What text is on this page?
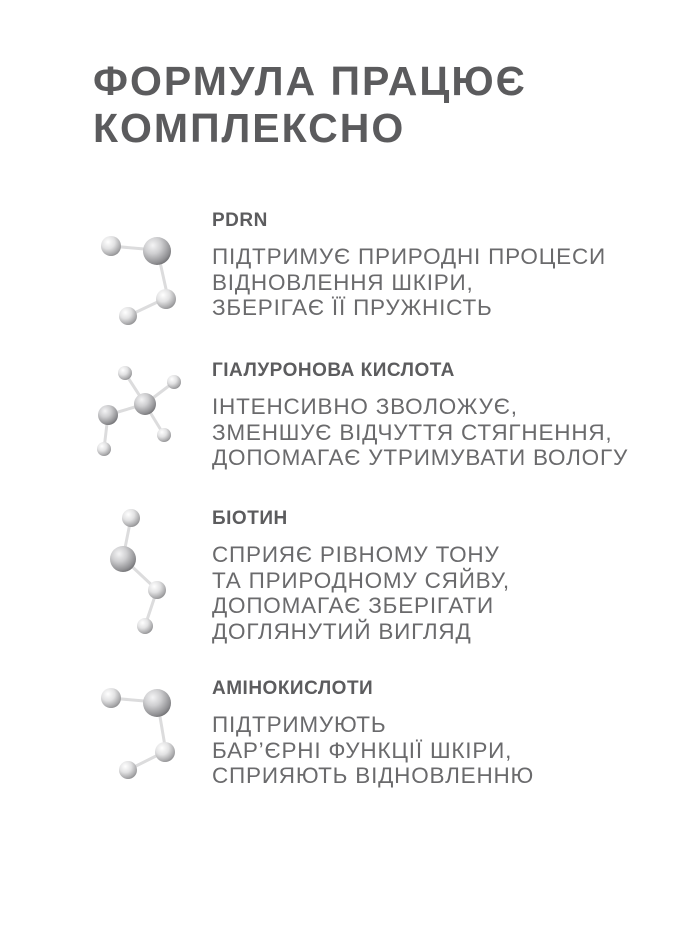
ФОРМУЛА ПРАЦЮЄ
КОМПЛЕКСНО

PDRN

ПІДТРИМУЄ ПРИРОДНІ ПРОЦЕСИ
ВІДНОВЛЕННЯ ШКІРИ,
ЗБЕРІГАЄ ЇЇ ПРУЖНІСТЬ

ГІАЛУРОНОВА КИСЛОТА

ІНТЕНСИВНО ЗВОЛОЖУЄ,
ЗМЕНШУЄ ВІДЧУТТЯ СТЯГНЕННЯ,
ДОПОМАГАЄ УТРИМУВАТИ ВОЛОГУ

БІОТИН

СПРИЯЄ РІВНОМУ ТОНУ
ТА ПРИРОДНОМУ СЯЙВУ,
ДОПОМАГАЄ ЗБЕРІГАТИ
ДОГЛЯНУТИЙ ВИГЛЯД

АМІНОКИСЛОТИ

ПІДТРИМУЮТЬ
БАР’ЄРНІ ФУНКЦІЇ ШКІРИ,
СПРИЯЮТЬ ВІДНОВЛЕННЮ
